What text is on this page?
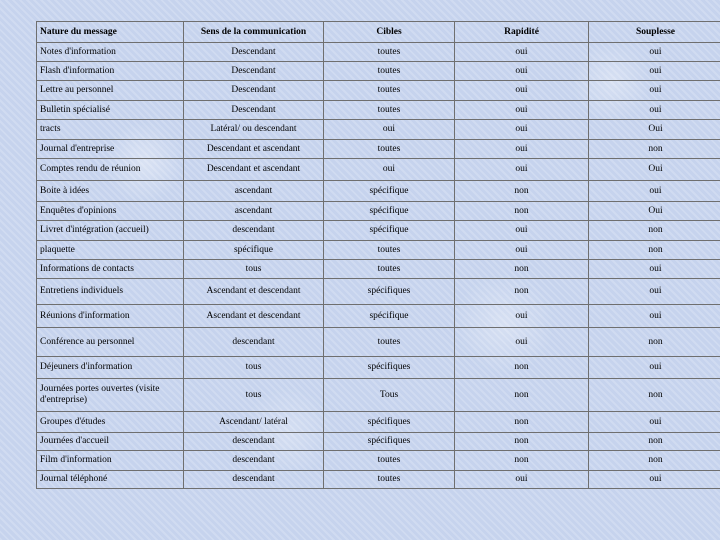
Nature du message	Sens de la communication	Cibles	Rapidité	Souplesse
Notes d'information	Descendant	toutes	oui	oui
Flash d'information	Descendant	toutes	oui	oui
Lettre au personnel	Descendant	toutes	oui	oui
Bulletin spécialisé	Descendant	toutes	oui	oui
tracts	Latéral/ ou descendant	oui	oui	Oui
Journal d'entreprise	Descendant et ascendant	toutes	oui	non
Comptes rendu de réunion	Descendant et ascendant	oui	oui	Oui
Boite à idées	ascendant	spécifique	non	oui
Enquêtes d'opinions	ascendant	spécifique	non	Oui
Livret d'intégration (accueil)	descendant	spécifique	oui	non
plaquette	spécifique	toutes	oui	non
Informations de contacts	tous	toutes	non	oui
Entretiens individuels	Ascendant et descendant	spécifiques	non	oui
Réunions d'information	Ascendant et descendant	spécifique	oui	oui
Conférence au personnel	descendant	toutes	oui	non
Déjeuners d'information	tous	spécifiques	non	oui
Journées portes ouvertes (visite d'entreprise)	tous	Tous	non	non
Groupes d'études	Ascendant/ latéral	spécifiques	non	oui
Journées d'accueil	descendant	spécifiques	non	non
Film d'information	descendant	toutes	non	non
Journal téléphoné	descendant	toutes	oui	oui
